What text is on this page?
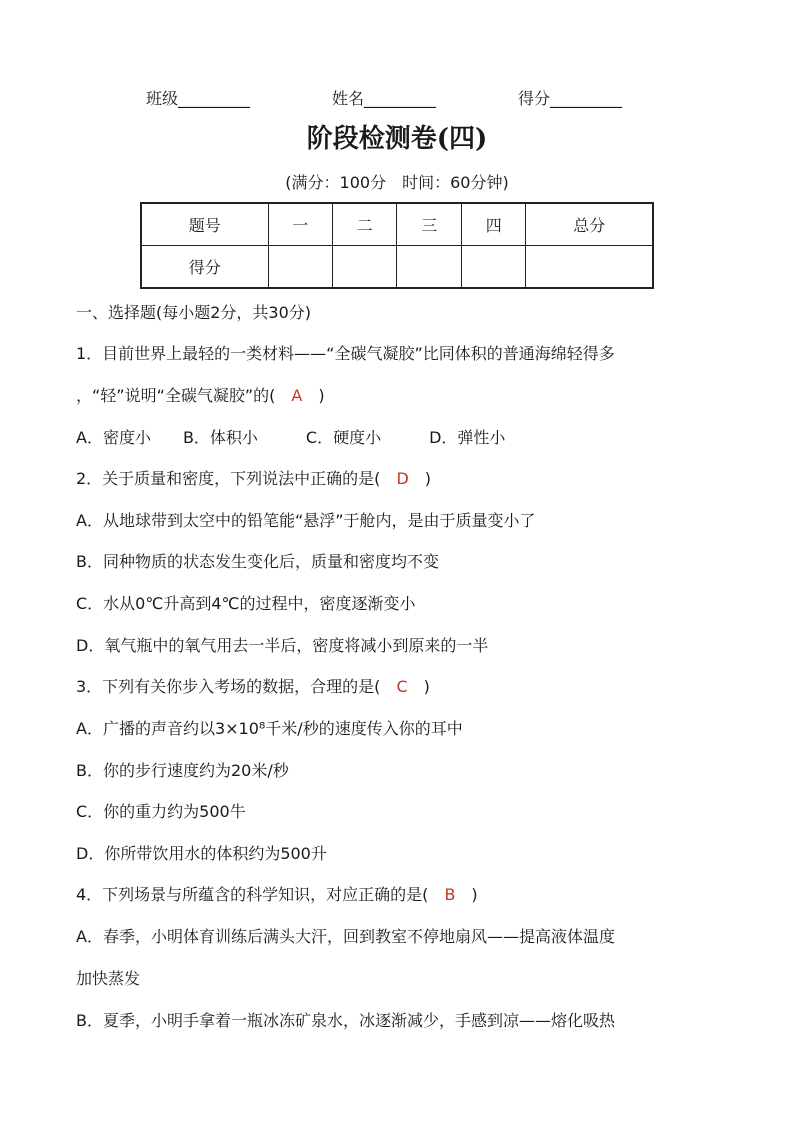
班级_________	姓名_________	得分_________
阶段检测卷(四)
(满分：100分　时间：60分钟)
题号	一	二	三	四	总分
得分					
一、选择题(每小题2分，共30分)
1．目前世界上最轻的一类材料——“全碳气凝胶”比同体积的普通海绵轻得多
，“轻”说明“全碳气凝胶”的(　A　)
A．密度小　　B．体积小　　　C．硬度小　　　D．弹性小
2．关于质量和密度，下列说法中正确的是(　D　)
A．从地球带到太空中的铅笔能“悬浮”于舱内，是由于质量变小了
B．同种物质的状态发生变化后，质量和密度均不变
C．水从0℃升高到4℃的过程中，密度逐渐变小
D．氧气瓶中的氧气用去一半后，密度将减小到原来的一半
3．下列有关你步入考场的数据，合理的是(　C　)
A．广播的声音约以3×10⁸千米/秒的速度传入你的耳中
B．你的步行速度约为20米/秒
C．你的重力约为500牛
D．你所带饮用水的体积约为500升
4．下列场景与所蕴含的科学知识，对应正确的是(　B　)
A．春季，小明体育训练后满头大汗，回到教室不停地扇风——提高液体温度
加快蒸发
B．夏季，小明手拿着一瓶冰冻矿泉水，冰逐渐减少，手感到凉——熔化吸热
